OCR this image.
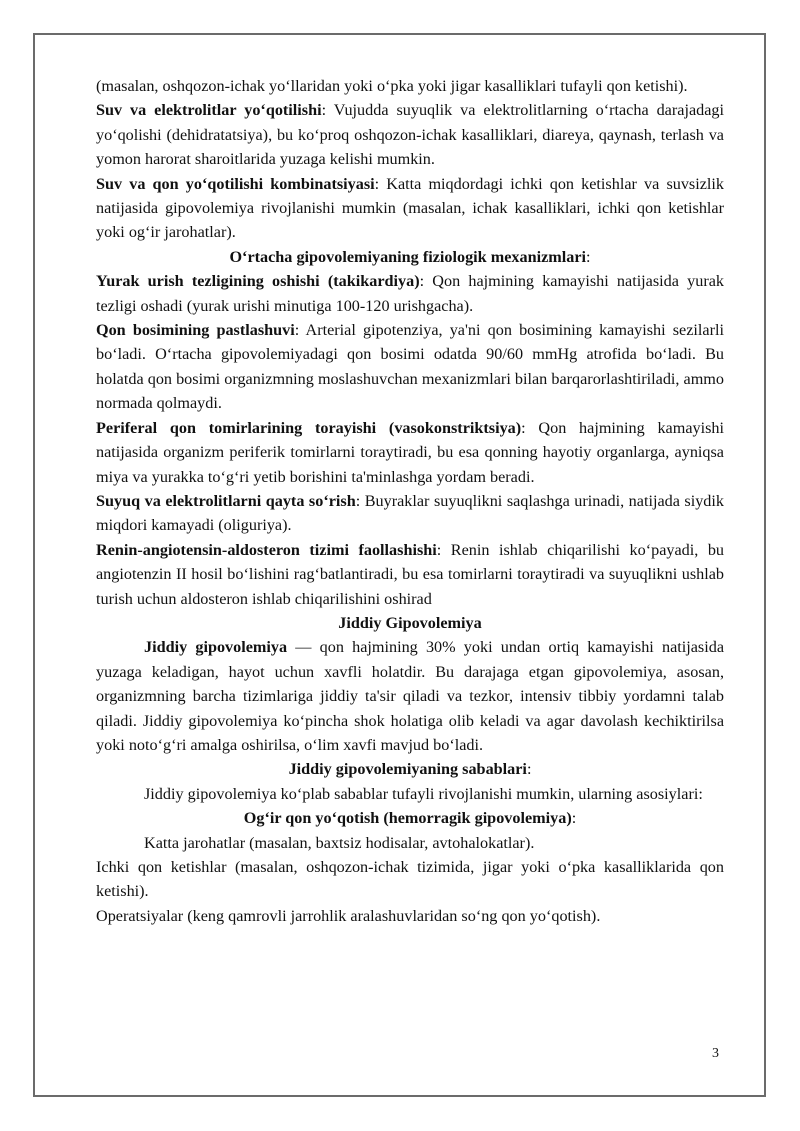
(masalan, oshqozon-ichak yo‘llaridan yoki o‘pka yoki jigar kasalliklari tufayli qon ketishi).

Suv va elektrolitlar yo‘qotilishi: Vujudda suyuqlik va elektrolitlarning o‘rtacha darajadagi yo‘qolishi (dehidratatsiya), bu ko‘proq oshqozon-ichak kasalliklari, diareya, qaynash, terlash va yomon harorat sharoitlarida yuzaga kelishi mumkin.

Suv va qon yo‘qotilishi kombinatsiyasi: Katta miqdordagi ichki qon ketishlar va suvsizlik natijasida gipovolemiya rivojlanishi mumkin (masalan, ichak kasalliklari, ichki qon ketishlar yoki og‘ir jarohatlar).

O‘rtacha gipovolemiyaning fiziologik mexanizmlari:

Yurak urish tezligining oshishi (takikardiya): Qon hajmining kamayishi natijasida yurak tezligi oshadi (yurak urishi minutiga 100-120 urishgacha).

Qon bosimining pastlashuvi: Arterial gipotenziya, ya'ni qon bosimining kamayishi sezilarli bo‘ladi. O‘rtacha gipovolemiyadagi qon bosimi odatda 90/60 mmHg atrofida bo‘ladi. Bu holatda qon bosimi organizmning moslashuvchan mexanizmlari bilan barqarorlashtiriladi, ammo normada qolmaydi.

Periferal qon tomirlarining torayishi (vasokonstriktsiya): Qon hajmining kamayishi natijasida organizm periferik tomirlarni toraytiradi, bu esa qonning hayotiy organlarga, ayniqsa miya va yurakka to‘g‘ri yetib borishini ta'minlashga yordam beradi.

Suyuq va elektrolitlarni qayta so‘rish: Buyraklar suyuqlikni saqlashga urinadi, natijada siydik miqdori kamayadi (oliguriya).

Renin-angiotensin-aldosteron tizimi faollashishi: Renin ishlab chiqarilishi ko‘payadi, bu angiotenzin II hosil bo‘lishini rag‘batlantiradi, bu esa tomirlarni toraytiradi va suyuqlikni ushlab turish uchun aldosteron ishlab chiqarilishini oshirad

Jiddiy Gipovolemiya

Jiddiy gipovolemiya — qon hajmining 30% yoki undan ortiq kamayishi natijasida yuzaga keladigan, hayot uchun xavfli holatdir. Bu darajaga etgan gipovolemiya, asosan, organizmning barcha tizimlariga jiddiy ta'sir qiladi va tezkor, intensiv tibbiy yordamni talab qiladi. Jiddiy gipovolemiya ko‘pincha shok holatiga olib keladi va agar davolash kechiktirilsa yoki noto‘g‘ri amalga oshirilsa, o‘lim xavfi mavjud bo‘ladi.

Jiddiy gipovolemiyaning sabablari:

Jiddiy gipovolemiya ko‘plab sabablar tufayli rivojlanishi mumkin, ularning asosiylari:

Og‘ir qon yo‘qotish (hemorragik gipovolemiya):

Katta jarohatlar (masalan, baxtsiz hodisalar, avtohalokatlar).

Ichki qon ketishlar (masalan, oshqozon-ichak tizimida, jigar yoki o‘pka kasalliklarida qon ketishi).

Operatsiyalar (keng qamrovli jarrohlik aralashuvlaridan so‘ng qon yo‘qotish).

3
